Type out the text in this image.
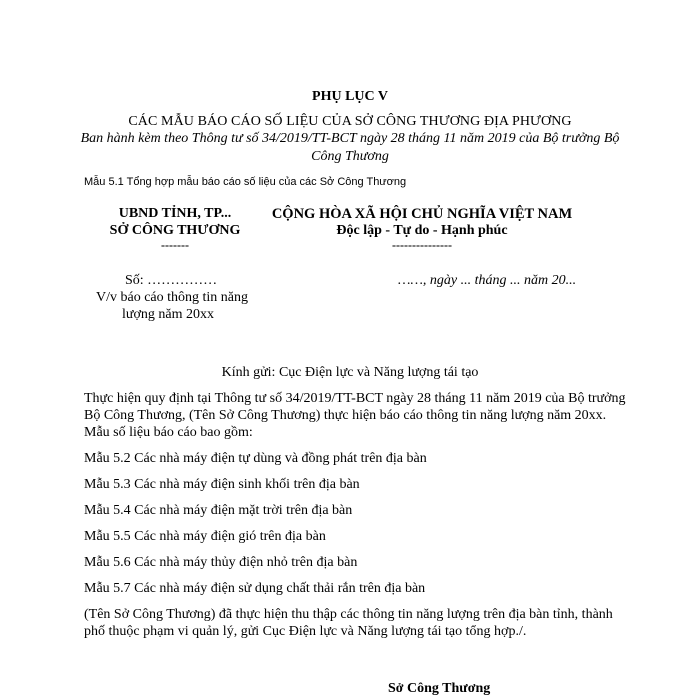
PHỤ LỤC V
CÁC MẪU BÁO CÁO SỐ LIỆU CỦA SỞ CÔNG THƯƠNG ĐỊA PHƯƠNG
Ban hành kèm theo Thông tư số 34/2019/TT-BCT ngày 28 tháng 11 năm 2019 của Bộ trưởng Bộ
Công Thương
Mẫu 5.1 Tổng hợp mẫu báo cáo số liệu của các Sở Công Thương
UBND TỈNH, TP...
SỞ CÔNG THƯƠNG
-------
CỘNG HÒA XÃ HỘI CHỦ NGHĨA VIỆT NAM
Độc lập - Tự do - Hạnh phúc
---------------
Số: ……………
V/v báo cáo thông tin năng
lượng năm 20xx
……, ngày ... tháng ... năm 20...
Kính gửi: Cục Điện lực và Năng lượng tái tạo
Thực hiện quy định tại Thông tư số 34/2019/TT-BCT ngày 28 tháng 11 năm 2019 của Bộ trưởng
Bộ Công Thương, (Tên Sở Công Thương) thực hiện báo cáo thông tin năng lượng năm 20xx.
Mẫu số liệu báo cáo bao gồm:
Mẫu 5.2 Các nhà máy điện tự dùng và đồng phát trên địa bàn
Mẫu 5.3 Các nhà máy điện sinh khối trên địa bàn
Mẫu 5.4 Các nhà máy điện mặt trời trên địa bàn
Mẫu 5.5 Các nhà máy điện gió trên địa bàn
Mẫu 5.6 Các nhà máy thủy điện nhỏ trên địa bàn
Mẫu 5.7 Các nhà máy điện sử dụng chất thải rắn trên địa bàn
(Tên Sở Công Thương) đã thực hiện thu thập các thông tin năng lượng trên địa bàn tỉnh, thành
phố thuộc phạm vi quản lý, gửi Cục Điện lực và Năng lượng tái tạo tổng hợp./.
Sở Công Thương
